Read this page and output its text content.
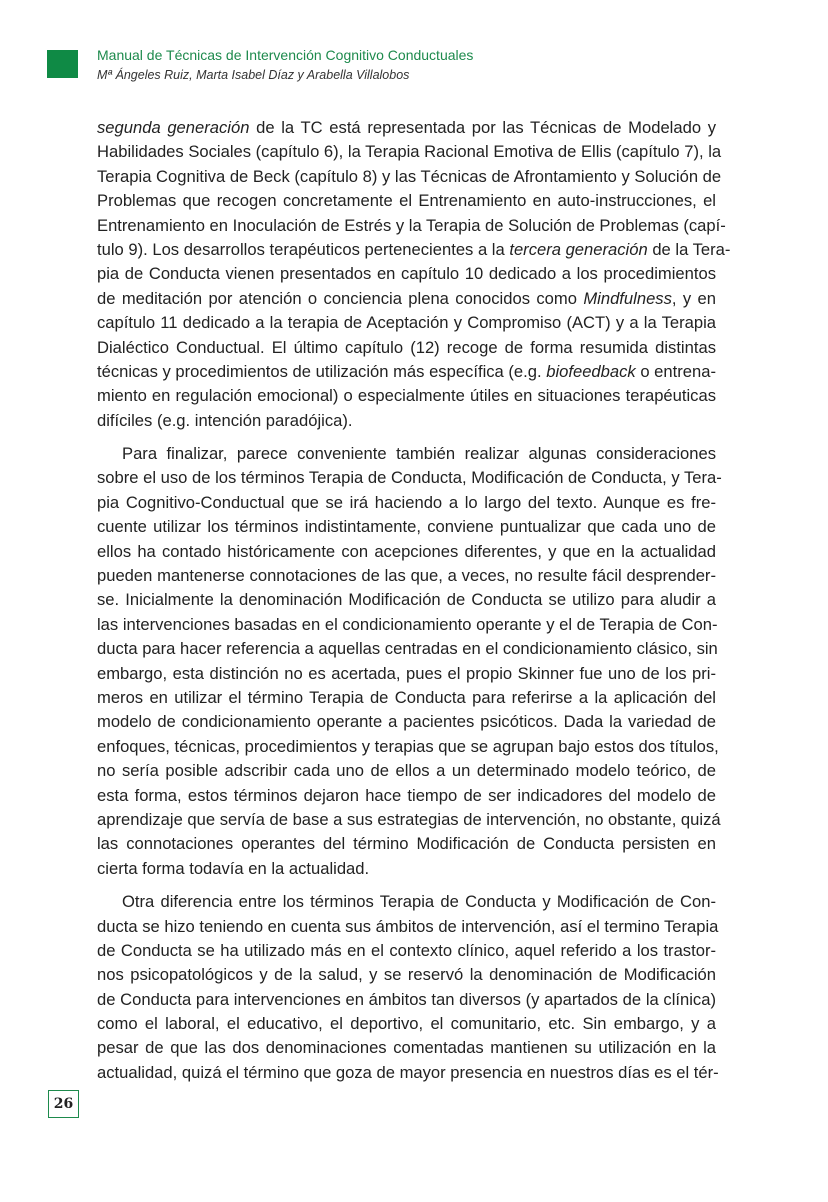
Manual de Técnicas de Intervención Cognitivo Conductuales
Mª Ángeles Ruiz, Marta Isabel Díaz y Arabella Villalobos
segunda generación de la TC está representada por las Técnicas de Modelado y
Habilidades Sociales (capítulo 6), la Terapia Racional Emotiva de Ellis (capítulo 7), la
Terapia Cognitiva de Beck (capítulo 8) y las Técnicas de Afrontamiento y Solución de
Problemas que recogen concretamente el Entrenamiento en auto-instrucciones, el
Entrenamiento en Inoculación de Estrés y la Terapia de Solución de Problemas (capí-
tulo 9). Los desarrollos terapéuticos pertenecientes a la tercera generación de la Tera-
pia de Conducta vienen presentados en capítulo 10 dedicado a los procedimientos
de meditación por atención o conciencia plena conocidos como Mindfulness, y en
capítulo 11 dedicado a la terapia de Aceptación y Compromiso (ACT) y a la Terapia
Dialéctico Conductual. El último capítulo (12) recoge de forma resumida distintas
técnicas y procedimientos de utilización más específica (e.g. biofeedback o entrena-
miento en regulación emocional) o especialmente útiles en situaciones terapéuticas
difíciles (e.g. intención paradójica).
Para finalizar, parece conveniente también realizar algunas consideraciones
sobre el uso de los términos Terapia de Conducta, Modificación de Conducta, y Tera-
pia Cognitivo-Conductual que se irá haciendo a lo largo del texto. Aunque es fre-
cuente utilizar los términos indistintamente, conviene puntualizar que cada uno de
ellos ha contado históricamente con acepciones diferentes, y que en la actualidad
pueden mantenerse connotaciones de las que, a veces, no resulte fácil desprender-
se. Inicialmente la denominación Modificación de Conducta se utilizo para aludir a
las intervenciones basadas en el condicionamiento operante y el de Terapia de Con-
ducta para hacer referencia a aquellas centradas en el condicionamiento clásico, sin
embargo, esta distinción no es acertada, pues el propio Skinner fue uno de los pri-
meros en utilizar el término Terapia de Conducta para referirse a la aplicación del
modelo de condicionamiento operante a pacientes psicóticos. Dada la variedad de
enfoques, técnicas, procedimientos y terapias que se agrupan bajo estos dos títulos,
no sería posible adscribir cada uno de ellos a un determinado modelo teórico, de
esta forma, estos términos dejaron hace tiempo de ser indicadores del modelo de
aprendizaje que servía de base a sus estrategias de intervención, no obstante, quizá
las connotaciones operantes del término Modificación de Conducta persisten en
cierta forma todavía en la actualidad.
Otra diferencia entre los términos Terapia de Conducta y Modificación de Con-
ducta se hizo teniendo en cuenta sus ámbitos de intervención, así el termino Terapia
de Conducta se ha utilizado más en el contexto clínico, aquel referido a los trastor-
nos psicopatológicos y de la salud, y se reservó la denominación de Modificación
de Conducta para intervenciones en ámbitos tan diversos (y apartados de la clínica)
como el laboral, el educativo, el deportivo, el comunitario, etc. Sin embargo, y a
pesar de que las dos denominaciones comentadas mantienen su utilización en la
actualidad, quizá el término que goza de mayor presencia en nuestros días es el tér-
26
